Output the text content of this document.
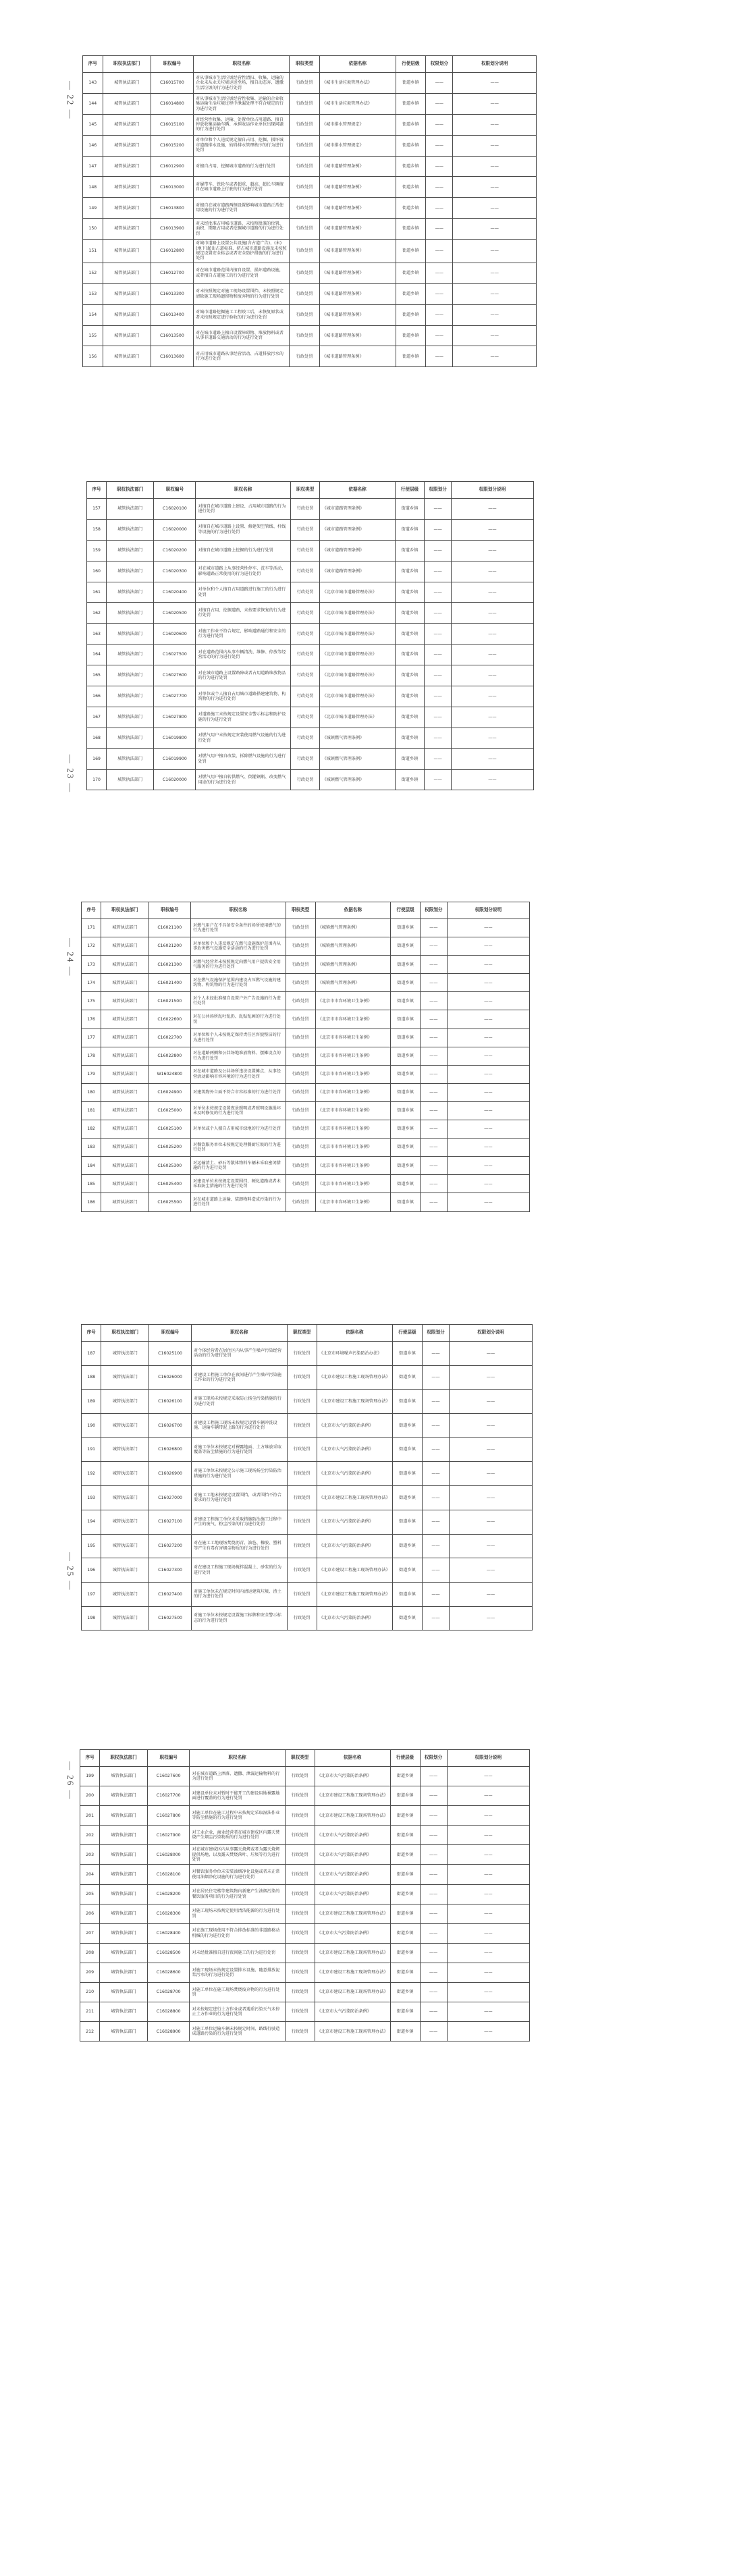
— 22 —
序号	职权执法部门	职权编号	职权名称	职权类型	依据名称	行使层级	权限划分	权限划分说明
143	城管执法部门	C16015700	对从事城市生活垃圾经营性清扫、收集、运输的企业未从业关垃圾运送至场，擅自动态弃、遗撒生活垃圾的行为进行处罚	行政处罚	《城市生活垃圾管理办法》	街道乡镇	——	——
144	城管执法部门	C16014800	对从事城市生活垃圾经营性收集、运输的企业收集运输生活垃圾过程中泄漏处理不符合规定的行为进行处罚	行政处罚	《城市生活垃圾管理办法》	街道乡镇	——	——
145	城管执法部门	C16015100	对经营性收集、运输、处置单位占用道路、擅自停放收集运输车辆、承担收运作业单位出现问题的行为进行处罚	行政处罚	《城市排水管理规定》	街道乡镇	——	——
146	城管执法部门	C16015200	对单位和个人违反规定擅自占用、挖掘、损坏城市道路排水设施，妨碍排水管理秩序的行为进行处罚	行政处罚	《城市排水管理规定》	街道乡镇	——	——
147	城管执法部门	C16012900	对擅自占用、挖掘城市道路的行为进行处罚	行政处罚	《城市道路管理条例》	街道乡镇	——	——
148	城管执法部门	C16013000	对履带车、铁轮车或者超重、超高、超长车辆擅自在城市道路上行驶的行为进行处罚	行政处罚	《城市道路管理条例》	街道乡镇	——	——
149	城管执法部门	C16013800	对擅自在城市道路两侧设置影响城市道路正常使用设施的行为进行处罚	行政处罚	《城市道路管理条例》	街道乡镇	——	——
150	城管执法部门	C16013900	对未经批准占用城市道路、未按照批准的位置、面积、期限占用或者挖掘城市道路的行为进行处罚	行政处罚	《城市道路管理条例》	街道乡镇	——	——
151	城管执法部门	C16012800	对城市道路上设置公共设施(含占道广告)、(未)(地下)超出占道标准、挤占城市道路设施及未按照规定设置安全标志或者安全防护措施的行为进行处罚	行政处罚	《城市道路管理条例》	街道乡镇	——	——
152	城管执法部门	C16012700	对在城市道路范围内擅自设置、损坏道路设施，或者擅自占道施工的行为进行处罚	行政处罚	《城市道路管理条例》	街道乡镇	——	——
153	城管执法部门	C16013300	对未按照规定对施工现场设置围挡、未按照规定清除施工现场遗留物和废弃物的行为进行处罚	行政处罚	《城市道路管理条例》	街道乡镇	——	——
154	城管执法部门	C16013400	对城市道路挖掘施工工程竣工后，未恢复原状或者未按照规定进行验收的行为进行处罚	行政处罚	《城市道路管理条例》	街道乡镇	——	——
155	城管执法部门	C16013500	对在城市道路上擅自设置障碍物、堆放物料或者从事非道路交通活动的行为进行处罚	行政处罚	《城市道路管理条例》	街道乡镇	——	——
156	城管执法部门	C16013600	对占用城市道路从事经营活动、占道排放污水的行为进行处罚	行政处罚	《城市道路管理条例》	街道乡镇	——	——
— 23 —
序号	职权执法部门	职权编号	职权名称	职权类型	依据名称	行使层级	权限划分	权限划分说明
157	城管执法部门	C16020100	对擅自在城市道路上建设、占用城市道路的行为进行处罚	行政处罚	《城市道路管理条例》	街道乡镇	——	——
158	城管执法部门	C16020000	对擅自在城市道路上设置、修建架空管线、杆线等设施的行为进行处罚	行政处罚	《城市道路管理条例》	街道乡镇	——	——
159	城管执法部门	C16020200	对擅自在城市道路上挖掘的行为进行处罚	行政处罚	《城市道路管理条例》	街道乡镇	——	——
160	城管执法部门	C16020300	对在城市道路上从事经营性停车、洗车等活动，影响道路正常使用的行为进行处罚	行政处罚	《城市道路管理条例》	街道乡镇	——	——
161	城管执法部门	C16020400	对单位和个人擅自占用道路进行施工的行为进行处罚	行政处罚	《北京市城市道路管理办法》	街道乡镇	——	——
162	城管执法部门	C16020500	对擅自占用、挖掘道路，未按要求恢复的行为进行处罚	行政处罚	《北京市城市道路管理办法》	街道乡镇	——	——
163	城管执法部门	C16020600	对施工作业不符合规定，影响道路通行和安全的行为进行处罚	行政处罚	《北京市城市道路管理办法》	街道乡镇	——	——
164	城管执法部门	C16027500	对在道路范围内从事车辆清洗、维修、停放等经营活动的行为进行处罚	行政处罚	《北京市城市道路管理办法》	街道乡镇	——	——
165	城管执法部门	C16027600	对在城市道路上设置路障或者占用道路堆放物品的行为进行处罚	行政处罚	《北京市城市道路管理办法》	街道乡镇	——	——
166	城管执法部门	C16027700	对单位或个人擅自占用城市道路搭建建筑物、构筑物的行为进行处罚	行政处罚	《北京市城市道路管理办法》	街道乡镇	——	——
167	城管执法部门	C16027800	对道路施工未按规定设置安全警示标志和防护设施的行为进行处罚	行政处罚	《北京市城市道路管理办法》	街道乡镇	——	——
168	城管执法部门	C16019800	对燃气用户未按规定安装使用燃气设施的行为进行处罚	行政处罚	《城镇燃气管理条例》	街道乡镇	——	——
169	城管执法部门	C16019900	对燃气用户擅自改装、拆除燃气设施的行为进行处罚	行政处罚	《城镇燃气管理条例》	街道乡镇	——	——
170	城管执法部门	C16020000	对燃气用户擅自转供燃气、倒灌钢瓶、改变燃气用途的行为进行处罚	行政处罚	《城镇燃气管理条例》	街道乡镇	——	——
— 24 —
序号	职权执法部门	职权编号	职权名称	职权类型	依据名称	行使层级	权限划分	权限划分说明
171	城管执法部门	C16021100	对燃气用户在不具备安全条件的场所使用燃气的行为进行处罚	行政处罚	《城镇燃气管理条例》	街道乡镇	——	——
172	城管执法部门	C16021200	对单位和个人违反规定在燃气设施保护范围内从事危害燃气设施安全活动的行为进行处罚	行政处罚	《城镇燃气管理条例》	街道乡镇	——	——
173	城管执法部门	C16021300	对燃气经营者未按照规定向燃气用户提供安全用气服务的行为进行处罚	行政处罚	《城镇燃气管理条例》	街道乡镇	——	——
174	城管执法部门	C16021400	对在燃气设施保护范围内建设占压燃气设施的建筑物、构筑物的行为进行处罚	行政处罚	《城镇燃气管理条例》	街道乡镇	——	——
175	城管执法部门	C16021500	对个人未经批准擅自设置户外广告设施的行为进行处罚	行政处罚	《北京市市容环境卫生条例》	街道乡镇	——	——
176	城管执法部门	C16022600	对在公共场所乱吐乱扔、乱贴乱画的行为进行处罚	行政处罚	《北京市市容环境卫生条例》	街道乡镇	——	——
177	城管执法部门	C16022700	对单位和个人未按规定保持责任区容貌整洁的行为进行处罚	行政处罚	《北京市市容环境卫生条例》	街道乡镇	——	——
178	城管执法部门	C16022800	对在道路两侧和公共场地堆放物料、摆摊设点的行为进行处罚	行政处罚	《北京市市容环境卫生条例》	街道乡镇	——	——
179	城管执法部门	W16024800	对在城市道路及公共场所违法设置摊点、从事经营活动影响市容环境的行为进行处罚	行政处罚	《北京市市容环境卫生条例》	街道乡镇	——	——
180	城管执法部门	C16024900	对建筑物外立面不符合市容标准的行为进行处罚	行政处罚	《北京市市容环境卫生条例》	街道乡镇	——	——
181	城管执法部门	C16025000	对单位未按规定设置夜景照明或者照明设施损坏未及时修复的行为进行处罚	行政处罚	《北京市市容环境卫生条例》	街道乡镇	——	——
182	城管执法部门	C16025100	对单位或个人擅自占用城市绿地的行为进行处罚	行政处罚	《北京市市容环境卫生条例》	街道乡镇	——	——
183	城管执法部门	C16025200	对餐饮服务单位未按规定处理餐厨垃圾的行为进行处罚	行政处罚	《北京市市容环境卫生条例》	街道乡镇	——	——
184	城管执法部门	C16025300	对运输渣土、砂石等散体物料车辆未采取密闭措施的行为进行处罚	行政处罚	《北京市市容环境卫生条例》	街道乡镇	——	——
185	城管执法部门	C16025400	对建设单位未按规定设置围挡、硬化道路或者未采取防尘措施的行为进行处罚	行政处罚	《北京市市容环境卫生条例》	街道乡镇	——	——
186	城管执法部门	C16025500	对在城市道路上运输、装卸物料造成污染的行为进行处罚	行政处罚	《北京市市容环境卫生条例》	街道乡镇	——	——
— 25 —
序号	职权执法部门	职权编号	职权名称	职权类型	依据名称	行使层级	权限划分	权限划分说明
187	城管执法部门	C16025100	对个体经营者在居住区内从事产生噪声污染经营活动的行为进行处罚	行政处罚	《北京市环境噪声污染防治办法》	街道乡镇	——	——
188	城管执法部门	C16026000	对建设工程施工单位在夜间进行产生噪声污染施工作业的行为进行处罚	行政处罚	《北京市建设工程施工现场管理办法》	街道乡镇	——	——
189	城管执法部门	C16026100	对施工现场未按规定采取防止扬尘污染措施的行为进行处罚	行政处罚	《北京市建设工程施工现场管理办法》	街道乡镇	——	——
190	城管执法部门	C16026700	对建设工程施工现场未按规定设置车辆冲洗设施、运输车辆带泥上路的行为进行处罚	行政处罚	《北京市大气污染防治条例》	街道乡镇	——	——
191	城管执法部门	C16026800	对施工单位未按规定对裸露地面、土方堆放采取覆盖等防尘措施的行为进行处罚	行政处罚	《北京市大气污染防治条例》	街道乡镇	——	——
192	城管执法部门	C16026900	对施工单位未按规定公示施工现场扬尘污染防治措施的行为进行处罚	行政处罚	《北京市大气污染防治条例》	街道乡镇	——	——
193	城管执法部门	C16027000	对施工工地未按规定设置围挡，或者围挡不符合要求的行为进行处罚	行政处罚	《北京市建设工程施工现场管理办法》	街道乡镇	——	——
194	城管执法部门	C16027100	对建设工程施工单位未采取措施防治施工过程中产生的废气、粉尘污染的行为进行处罚	行政处罚	《北京市大气污染防治条例》	街道乡镇	——	——
195	城管执法部门	C16027200	对在施工工地现场焚烧沥青、油毡、橡胶、塑料等产生有毒有害烟尘物质的行为进行处罚	行政处罚	《北京市大气污染防治条例》	街道乡镇	——	——
196	城管执法部门	C16027300	对在建设工程施工现场搅拌混凝土、砂浆的行为进行处罚	行政处罚	《北京市建设工程施工现场管理办法》	街道乡镇	——	——
197	城管执法部门	C16027400	对施工单位未在规定时间内清运建筑垃圾、渣土的行为进行处罚	行政处罚	《北京市建设工程施工现场管理办法》	街道乡镇	——	——
198	城管执法部门	C16027500	对施工单位未按规定设置施工标牌和安全警示标志的行为进行处罚	行政处罚	《北京市大气污染防治条例》	街道乡镇	——	——
— 26 —
序号	职权执法部门	职权编号	职权名称	职权类型	依据名称	行使层级	权限划分	权限划分说明
199	城管执法部门	C16027600	对在城市道路上洒落、遗撒、泄漏运输物料的行为进行处罚	行政处罚	《北京市大气污染防治条例》	街道乡镇	——	——
200	城管执法部门	C16027700	对建设单位未对暂时不能开工的建设用地裸露地面进行覆盖的行为进行处罚	行政处罚	《北京市建设工程施工现场管理办法》	街道乡镇	——	——
201	城管执法部门	C16027800	对施工单位在施工过程中未按规定采取湿法作业等防尘措施的行为进行处罚	行政处罚	《北京市建设工程施工现场管理办法》	街道乡镇	——	——
202	城管执法部门	C16027900	对工业企业、商业经营者在城市建成区内露天焚烧产生烟尘污染物质的行为进行处罚	行政处罚	《北京市大气污染防治条例》	街道乡镇	——	——
203	城管执法部门	C16028000	对在城市建成区内从事露天烧烤或者为露天烧烤提供场地，以及露天焚烧落叶、垃圾等行为进行处罚	行政处罚	《北京市大气污染防治条例》	街道乡镇	——	——
204	城管执法部门	C16028100	对餐饮服务单位未安装油烟净化设施或者未正常使用油烟净化设施的行为进行处罚	行政处罚	《北京市大气污染防治条例》	街道乡镇	——	——
205	城管执法部门	C16028200	对在居民住宅楼等建筑物内新建产生油烟污染的餐饮服务项目的行为进行处罚	行政处罚	《北京市大气污染防治条例》	街道乡镇	——	——
206	城管执法部门	C16028300	对施工现场未按规定使用清洁能源的行为进行处罚	行政处罚	《北京市建设工程施工现场管理办法》	街道乡镇	——	——
207	城管执法部门	C16028400	对在施工现场使用不符合排放标准的非道路移动机械的行为进行处罚	行政处罚	《北京市大气污染防治条例》	街道乡镇	——	——
208	城管执法部门	C16028500	对未经批准擅自进行夜间施工的行为进行处罚	行政处罚	《北京市建设工程施工现场管理办法》	街道乡镇	——	——
209	城管执法部门	C16028600	对施工现场未按规定设置排水设施、随意排放泥浆污水的行为进行处罚	行政处罚	《北京市建设工程施工现场管理办法》	街道乡镇	——	——
210	城管执法部门	C16028700	对施工单位在施工现场焚烧废弃物的行为进行处罚	行政处罚	《北京市建设工程施工现场管理办法》	街道乡镇	——	——
211	城管执法部门	C16028800	对未按规定进行土方作业或者遇重污染天气未停止土方作业的行为进行处罚	行政处罚	《北京市大气污染防治条例》	街道乡镇	——	——
212	城管执法部门	C16028900	对施工单位运输车辆未按规定时间、路线行驶造成道路污染的行为进行处罚	行政处罚	《北京市建设工程施工现场管理办法》	街道乡镇	——	——
